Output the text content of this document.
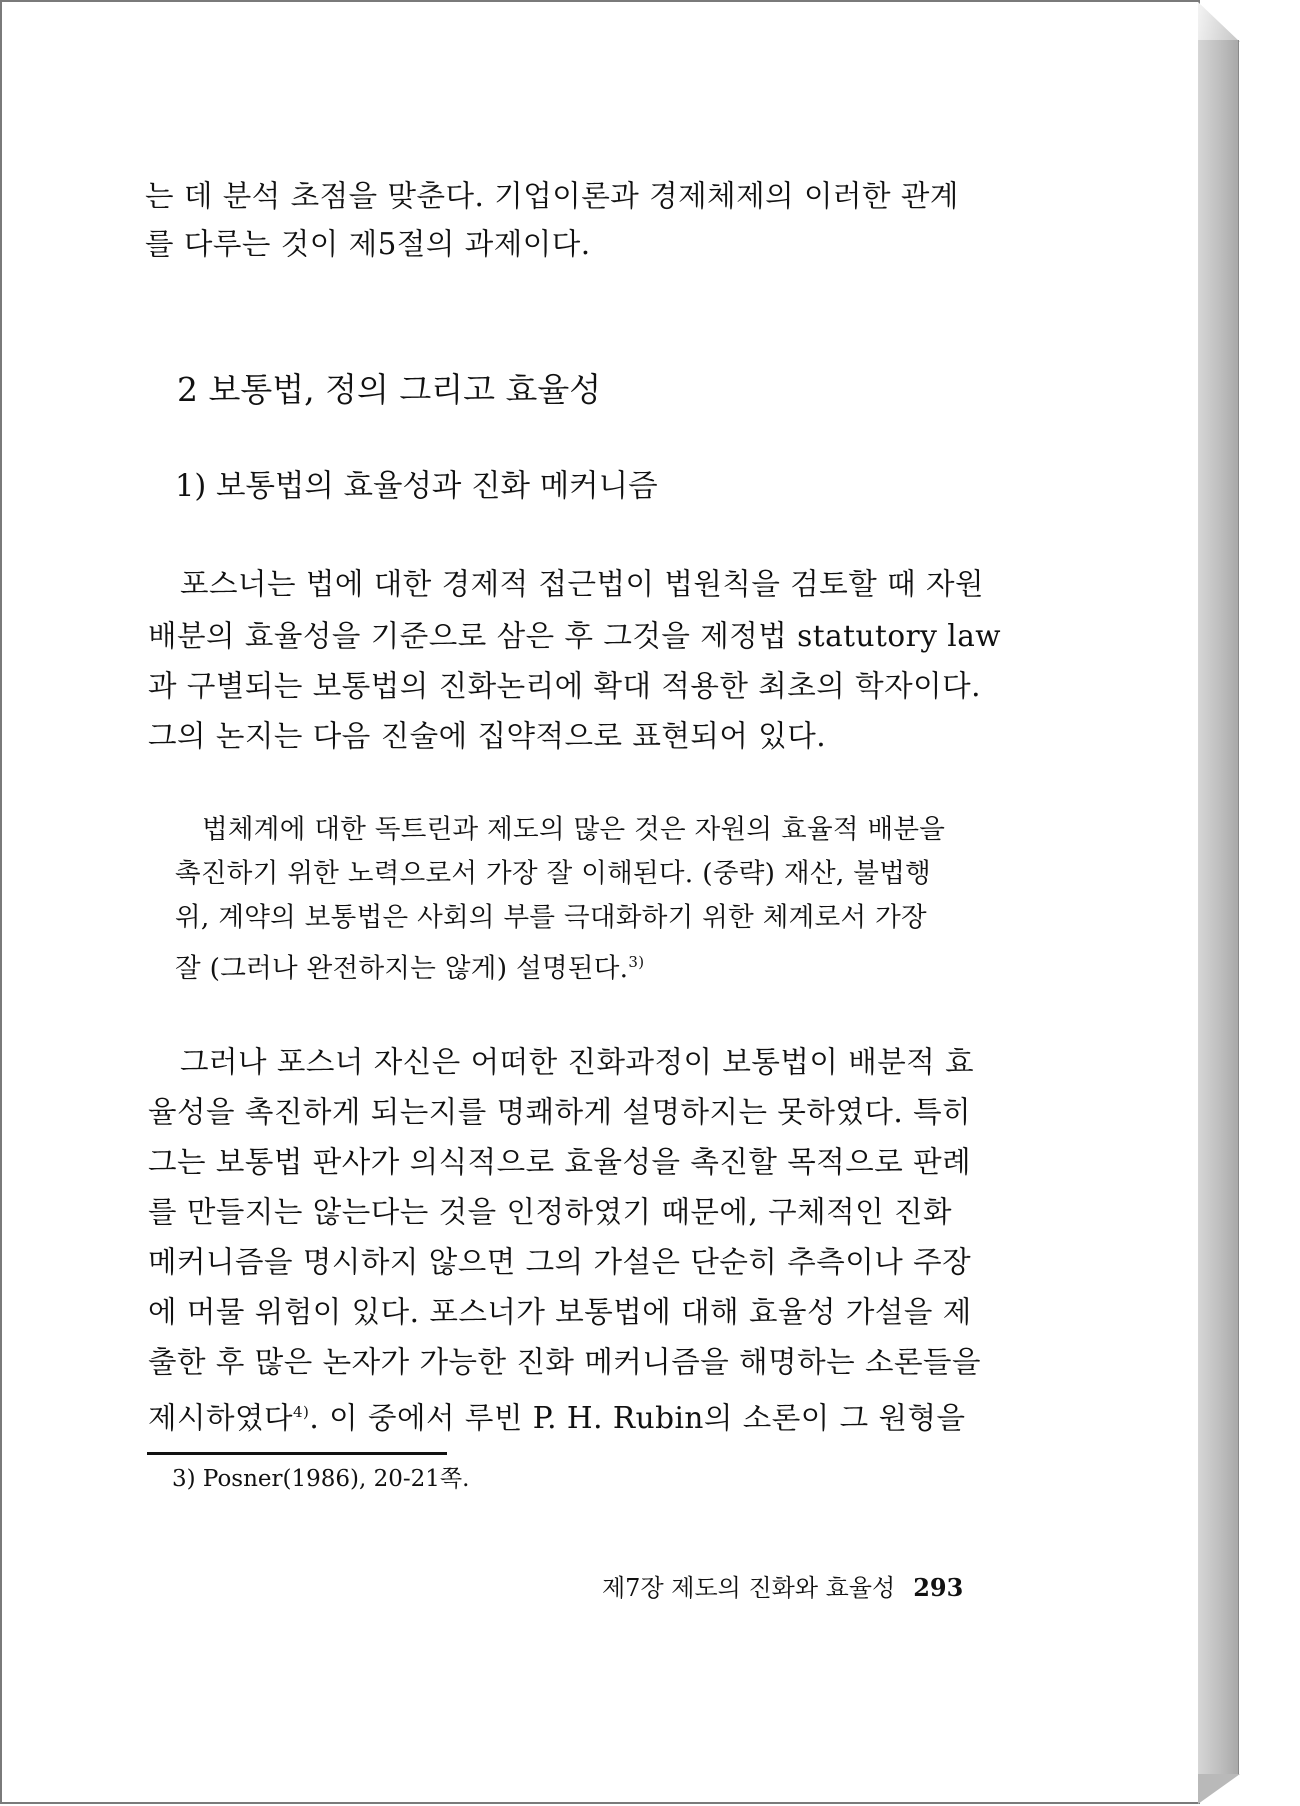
는 데 분석 초점을 맞춘다. 기업이론과 경제체제의 이러한 관계
를 다루는 것이 제5절의 과제이다.
2 보통법, 정의 그리고 효율성
1) 보통법의 효율성과 진화 메커니즘
포스너는 법에 대한 경제적 접근법이 법원칙을 검토할 때 자원
배분의 효율성을 기준으로 삼은 후 그것을 제정법 statutory law
과 구별되는 보통법의 진화논리에 확대 적용한 최초의 학자이다.
그의 논지는 다음 진술에 집약적으로 표현되어 있다.
법체계에 대한 독트린과 제도의 많은 것은 자원의 효율적 배분을
촉진하기 위한 노력으로서 가장 잘 이해된다. (중략) 재산, 불법행
위, 계약의 보통법은 사회의 부를 극대화하기 위한 체계로서 가장
잘 (그러나 완전하지는 않게) 설명된다.$^{3)}$
그러나 포스너 자신은 어떠한 진화과정이 보통법이 배분적 효
율성을 촉진하게 되는지를 명쾌하게 설명하지는 못하였다. 특히
그는 보통법 판사가 의식적으로 효율성을 촉진할 목적으로 판례
를 만들지는 않는다는 것을 인정하였기 때문에, 구체적인 진화
메커니즘을 명시하지 않으면 그의 가설은 단순히 추측이나 주장
에 머물 위험이 있다. 포스너가 보통법에 대해 효율성 가설을 제
출한 후 많은 논자가 가능한 진화 메커니즘을 해명하는 소론들을
제시하였다$^{4)}$. 이 중에서 루빈 P. H. Rubin의 소론이 그 원형을
3) Posner(1986), 20-21쪽.
제7장 제도의 진화와 효율성 293
